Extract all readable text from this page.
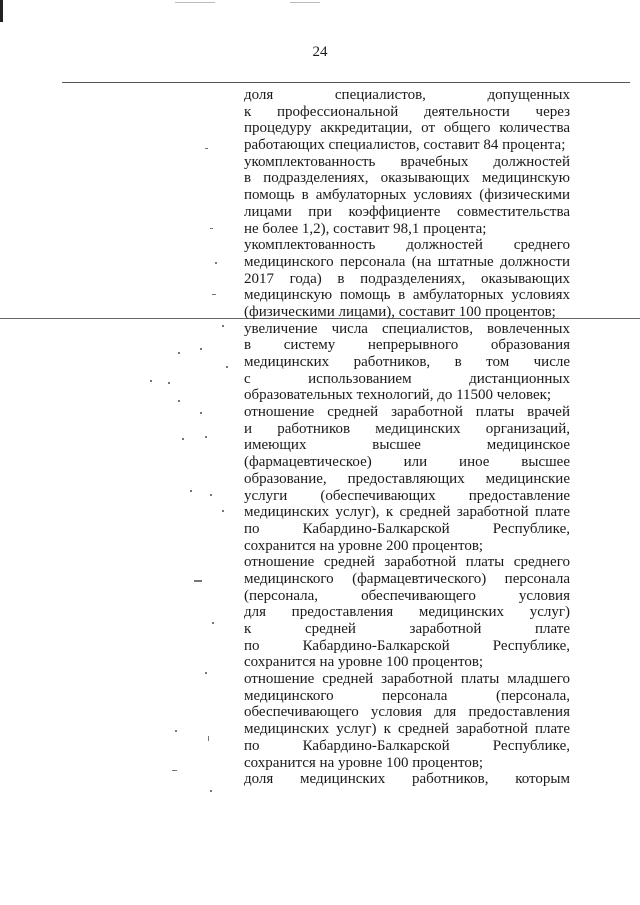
24
доля специалистов, допущенных
к профессиональной деятельности через
процедуру аккредитации, от общего количества
работающих специалистов, составит 84 процента;
укомплектованность врачебных должностей
в подразделениях, оказывающих медицинскую
помощь в амбулаторных условиях (физическими
лицами при коэффициенте совместительства
не более 1,2), составит 98,1 процента;
укомплектованность должностей среднего
медицинского персонала (на штатные должности
2017 года) в подразделениях, оказывающих
медицинскую помощь в амбулаторных условиях
(физическими лицами), составит 100 процентов;
увеличение числа специалистов, вовлеченных
в систему непрерывного образования
медицинских работников, в том числе
с использованием дистанционных
образовательных технологий, до 11500 человек;
отношение средней заработной платы врачей
и работников медицинских организаций,
имеющих высшее медицинское
(фармацевтическое) или иное высшее
образование, предоставляющих медицинские
услуги (обеспечивающих предоставление
медицинских услуг), к средней заработной плате
по Кабардино-Балкарской Республике,
сохранится на уровне 200 процентов;
отношение средней заработной платы среднего
медицинского (фармацевтического) персонала
(персонала, обеспечивающего условия
для предоставления медицинских услуг)
к средней заработной плате
по Кабардино-Балкарской Республике,
сохранится на уровне 100 процентов;
отношение средней заработной платы младшего
медицинского персонала (персонала,
обеспечивающего условия для предоставления
медицинских услуг) к средней заработной плате
по Кабардино-Балкарской Республике,
сохранится на уровне 100 процентов;
доля медицинских работников, которым
